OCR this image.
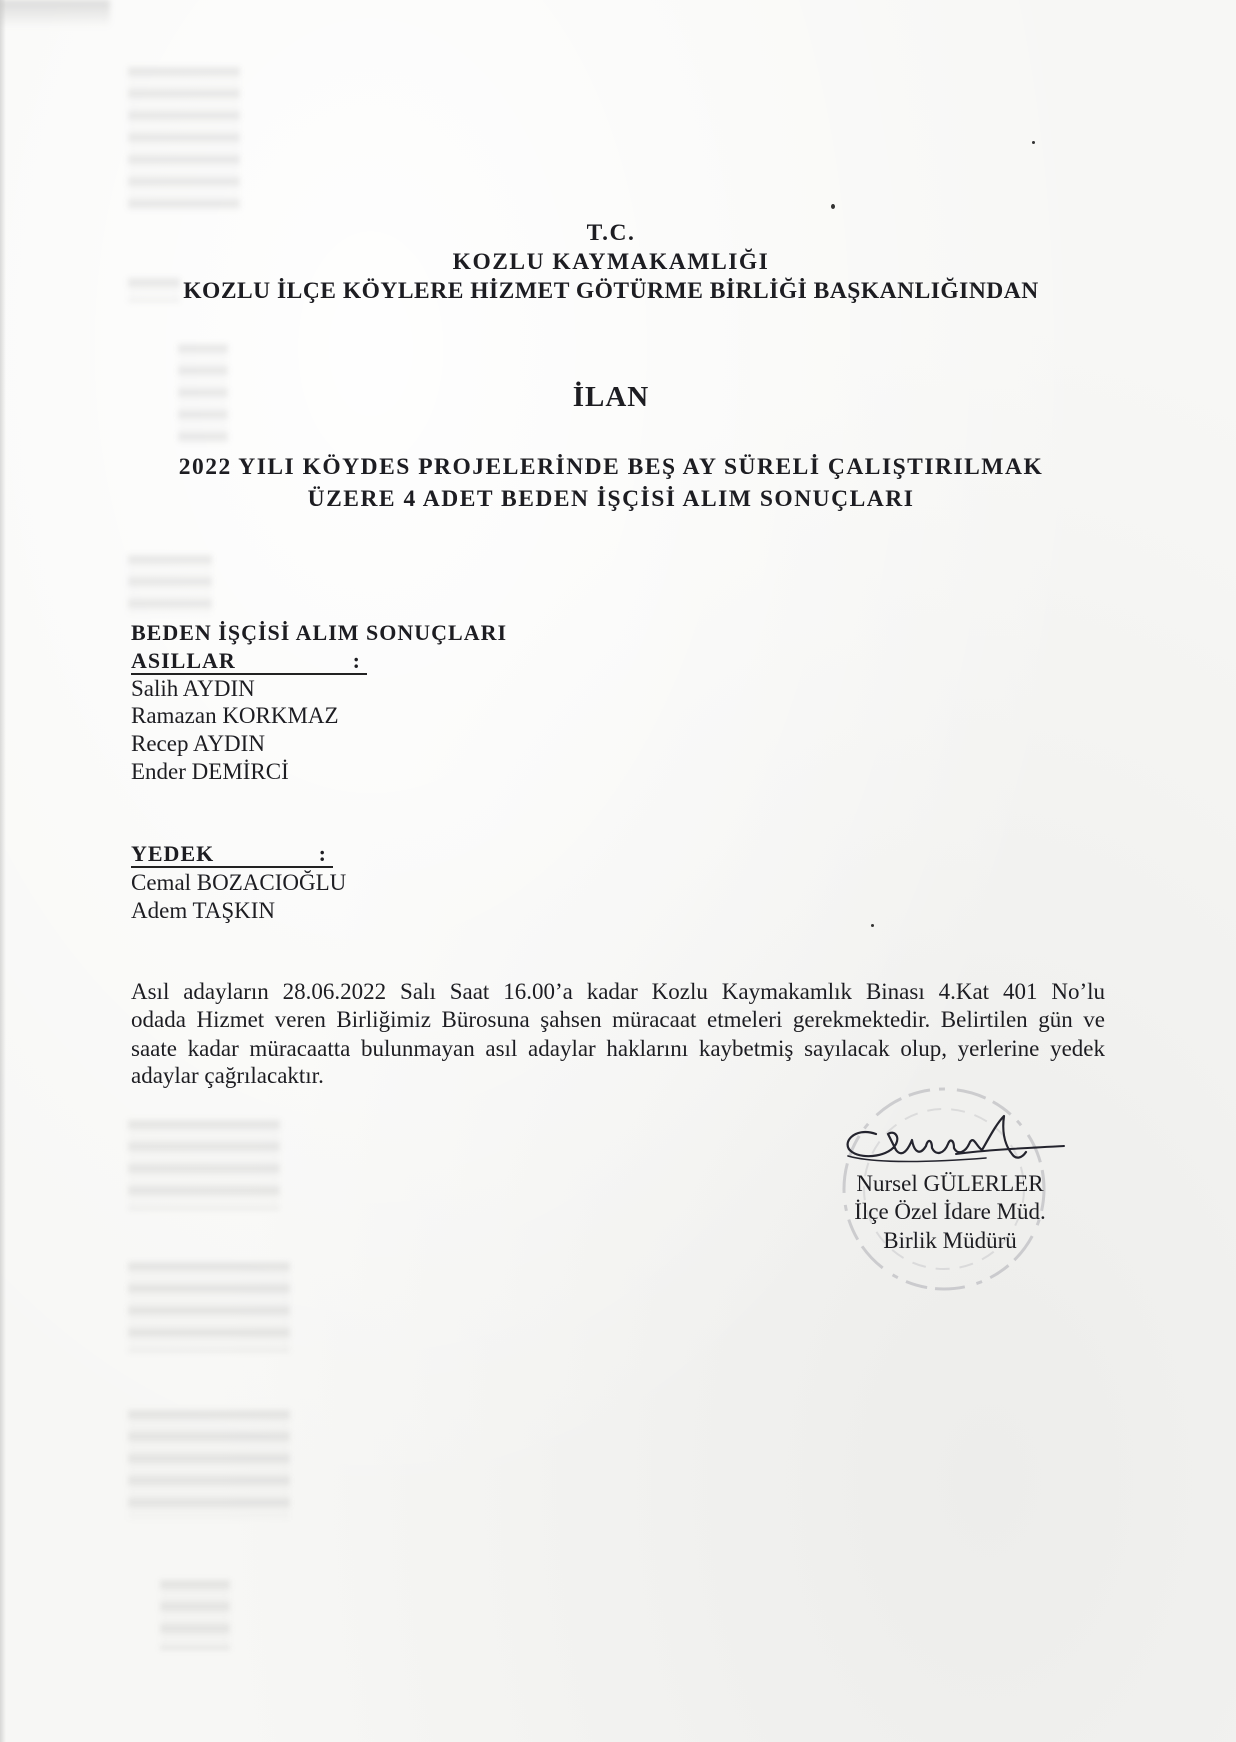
T.C.
KOZLU KAYMAKAMLIĞI
KOZLU İLÇE KÖYLERE HİZMET GÖTÜRME BİRLİĞİ BAŞKANLIĞINDAN
İLAN
2022 YILI KÖYDES PROJELERİNDE BEŞ AY SÜRELİ ÇALIŞTIRILMAK
ÜZERE 4 ADET BEDEN İŞÇİSİ ALIM SONUÇLARI
BEDEN İŞÇİSİ ALIM SONUÇLARI
ASILLAR	:
Salih AYDIN
Ramazan KORKMAZ
Recep AYDIN
Ender DEMİRCİ
YEDEK	:
Cemal BOZACIOĞLU
Adem TAŞKIN
Asıl adayların 28.06.2022 Salı Saat 16.00’a kadar Kozlu Kaymakamlık Binası 4.Kat 401 No’lu
odada Hizmet veren Birliğimiz Bürosuna şahsen müracaat etmeleri gerekmektedir. Belirtilen gün ve
saate kadar müracaatta bulunmayan asıl adaylar haklarını kaybetmiş sayılacak olup, yerlerine yedek
adaylar çağrılacaktır.
Nursel GÜLERLER
İlçe Özel İdare Müd.
Birlik Müdürü
